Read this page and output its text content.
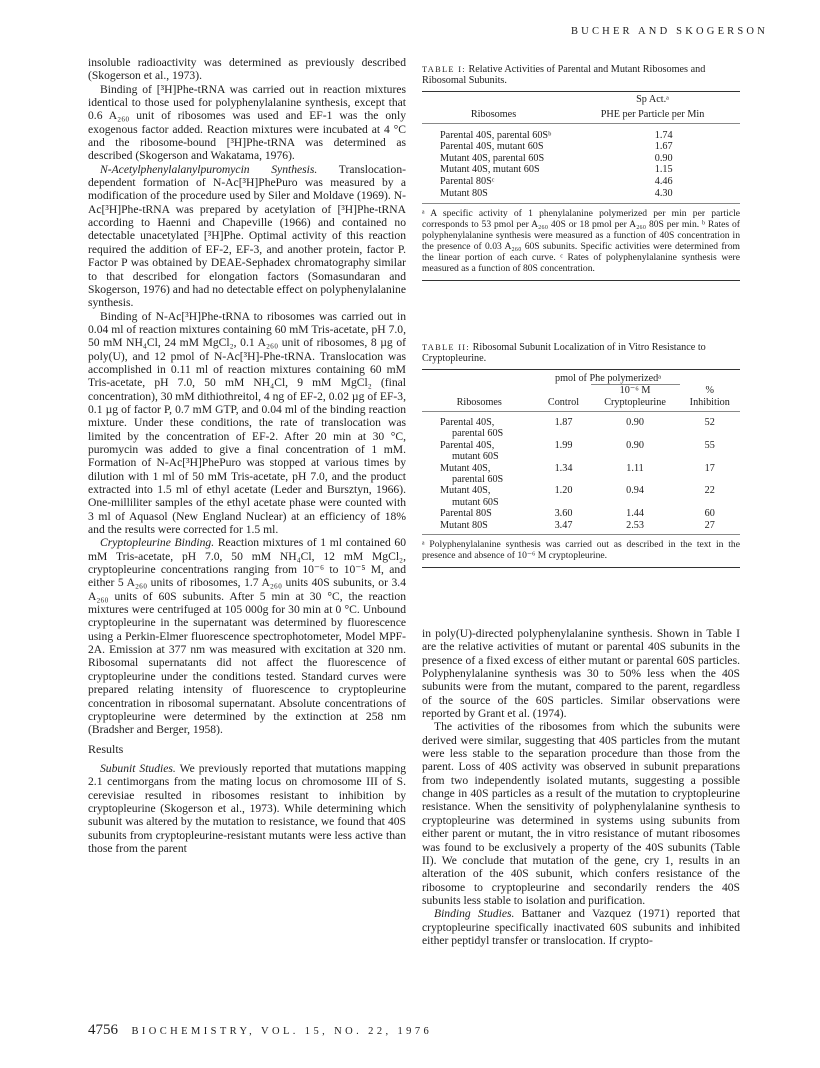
BUCHER AND SKOGERSON

insoluble radioactivity was determined as previously described (Skogerson et al., 1973).

Binding of [³H]Phe-tRNA was carried out in reaction mixtures identical to those used for polyphenylalanine synthesis, except that 0.6 A₂₆₀ unit of ribosomes was used and EF-1 was the only exogenous factor added. Reaction mixtures were incubated at 4 °C and the ribosome-bound [³H]Phe-tRNA was determined as described (Skogerson and Wakatama, 1976).

N-Acetylphenylalanylpuromycin Synthesis. Translocation-dependent formation of N-Ac[³H]PhePuro was measured by a modification of the procedure used by Siler and Moldave (1969). N-Ac[³H]Phe-tRNA was prepared by acetylation of [³H]Phe-tRNA according to Haenni and Chapeville (1966) and contained no detectable unacetylated [³H]Phe. Optimal activity of this reaction required the addition of EF-2, EF-3, and another protein, factor P. Factor P was obtained by DEAE-Sephadex chromatography similar to that described for elongation factors (Somasundaran and Skogerson, 1976) and had no detectable effect on polyphenylalanine synthesis.

Binding of N-Ac[³H]Phe-tRNA to ribosomes was carried out in 0.04 ml of reaction mixtures containing 60 mM Tris-acetate, pH 7.0, 50 mM NH₄Cl, 24 mM MgCl₂, 0.1 A₂₆₀ unit of ribosomes, 8 µg of poly(U), and 12 pmol of N-Ac[³H]-Phe-tRNA. Translocation was accomplished in 0.11 ml of reaction mixtures containing 60 mM Tris-acetate, pH 7.0, 50 mM NH₄Cl, 9 mM MgCl₂ (final concentration), 30 mM dithiothreitol, 4 ng of EF-2, 0.02 µg of EF-3, 0.1 µg of factor P, 0.7 mM GTP, and 0.04 ml of the binding reaction mixture. Under these conditions, the rate of translocation was limited by the concentration of EF-2. After 20 min at 30 °C, puromycin was added to give a final concentration of 1 mM. Formation of N-Ac[³H]PhePuro was stopped at various times by dilution with 1 ml of 50 mM Tris-acetate, pH 7.0, and the product extracted into 1.5 ml of ethyl acetate (Leder and Bursztyn, 1966). One-milliliter samples of the ethyl acetate phase were counted with 3 ml of Aquasol (New England Nuclear) at an efficiency of 18% and the results were corrected for 1.5 ml.

Cryptopleurine Binding. Reaction mixtures of 1 ml contained 60 mM Tris-acetate, pH 7.0, 50 mM NH₄Cl, 12 mM MgCl₂, cryptopleurine concentrations ranging from 10⁻⁶ to 10⁻⁵ M, and either 5 A₂₆₀ units of ribosomes, 1.7 A₂₆₀ units 40S subunits, or 3.4 A₂₆₀ units of 60S subunits. After 5 min at 30 °C, the reaction mixtures were centrifuged at 105 000g for 30 min at 0 °C. Unbound cryptopleurine in the supernatant was determined by fluorescence using a Perkin-Elmer fluorescence spectrophotometer, Model MPF-2A. Emission at 377 nm was measured with excitation at 320 nm. Ribosomal supernatants did not affect the fluorescence of cryptopleurine under the conditions tested. Standard curves were prepared relating intensity of fluorescence to cryptopleurine concentration in ribosomal supernatant. Absolute concentrations of cryptopleurine were determined by the extinction at 258 nm (Bradsher and Berger, 1958).

Results

Subunit Studies. We previously reported that mutations mapping 2.1 centimorgans from the mating locus on chromosome III of S. cerevisiae resulted in ribosomes resistant to inhibition by cryptopleurine (Skogerson et al., 1973). While determining which subunit was altered by the mutation to resistance, we found that 40S subunits from cryptopleurine-resistant mutants were less active than those from the parent

TABLE I: Relative Activities of Parental and Mutant Ribosomes and Ribosomal Subunits.
	Sp Act.ᵃ
Ribosomes	PHE per Particle per Min
Parental 40S, parental 60Sᵇ	1.74
Parental 40S, mutant 60S	1.67
Mutant 40S, parental 60S	0.90
Mutant 40S, mutant 60S	1.15
Parental 80Sᶜ	4.46
Mutant 80S	4.30
ᵃ A specific activity of 1 phenylalanine polymerized per min per particle corresponds to 53 pmol per A₂₆₀ 40S or 18 pmol per A₂₆₀ 80S per min. ᵇ Rates of polyphenylalanine synthesis were measured as a function of 40S concentration in the presence of 0.03 A₂₆₀ 60S subunits. Specific activities were determined from the linear portion of each curve. ᶜ Rates of polyphenylalanine synthesis were measured as a function of 80S concentration.
TABLE II: Ribosomal Subunit Localization of in Vitro Resistance to Cryptopleurine.
	pmol of Phe polymerizedᵃ		
		10⁻⁶ M	%
Ribosomes	Control	Cryptopleurine	Inhibition
Parental 40S,
parental 60S	1.87	0.90	52
Parental 40S,
mutant 60S	1.99	0.90	55
Mutant 40S,
parental 60S	1.34	1.11	17
Mutant 40S,
mutant 60S	1.20	0.94	22
Parental 80S	3.60	1.44	60
Mutant 80S	3.47	2.53	27
ᵃ Polyphenylalanine synthesis was carried out as described in the text in the presence and absence of 10⁻⁶ M cryptopleurine.

in poly(U)-directed polyphenylalanine synthesis. Shown in Table I are the relative activities of mutant or parental 40S subunits in the presence of a fixed excess of either mutant or parental 60S particles. Polyphenylalanine synthesis was 30 to 50% less when the 40S subunits were from the mutant, compared to the parent, regardless of the source of the 60S particles. Similar observations were reported by Grant et al. (1974).

The activities of the ribosomes from which the subunits were derived were similar, suggesting that 40S particles from the mutant were less stable to the separation procedure than those from the parent. Loss of 40S activity was observed in subunit preparations from two independently isolated mutants, suggesting a possible change in 40S particles as a result of the mutation to cryptopleurine resistance. When the sensitivity of polyphenylalanine synthesis to cryptopleurine was determined in systems using subunits from either parent or mutant, the in vitro resistance of mutant ribosomes was found to be exclusively a property of the 40S subunits (Table II). We conclude that mutation of the gene, cry 1, results in an alteration of the 40S subunit, which confers resistance of the ribosome to cryptopleurine and secondarily renders the 40S subunits less stable to isolation and purification.

Binding Studies. Battaner and Vazquez (1971) reported that cryptopleurine specifically inactivated 60S subunits and inhibited either peptidyl transfer or translocation. If crypto-

4756 BIOCHEMISTRY, VOL. 15, NO. 22, 1976
